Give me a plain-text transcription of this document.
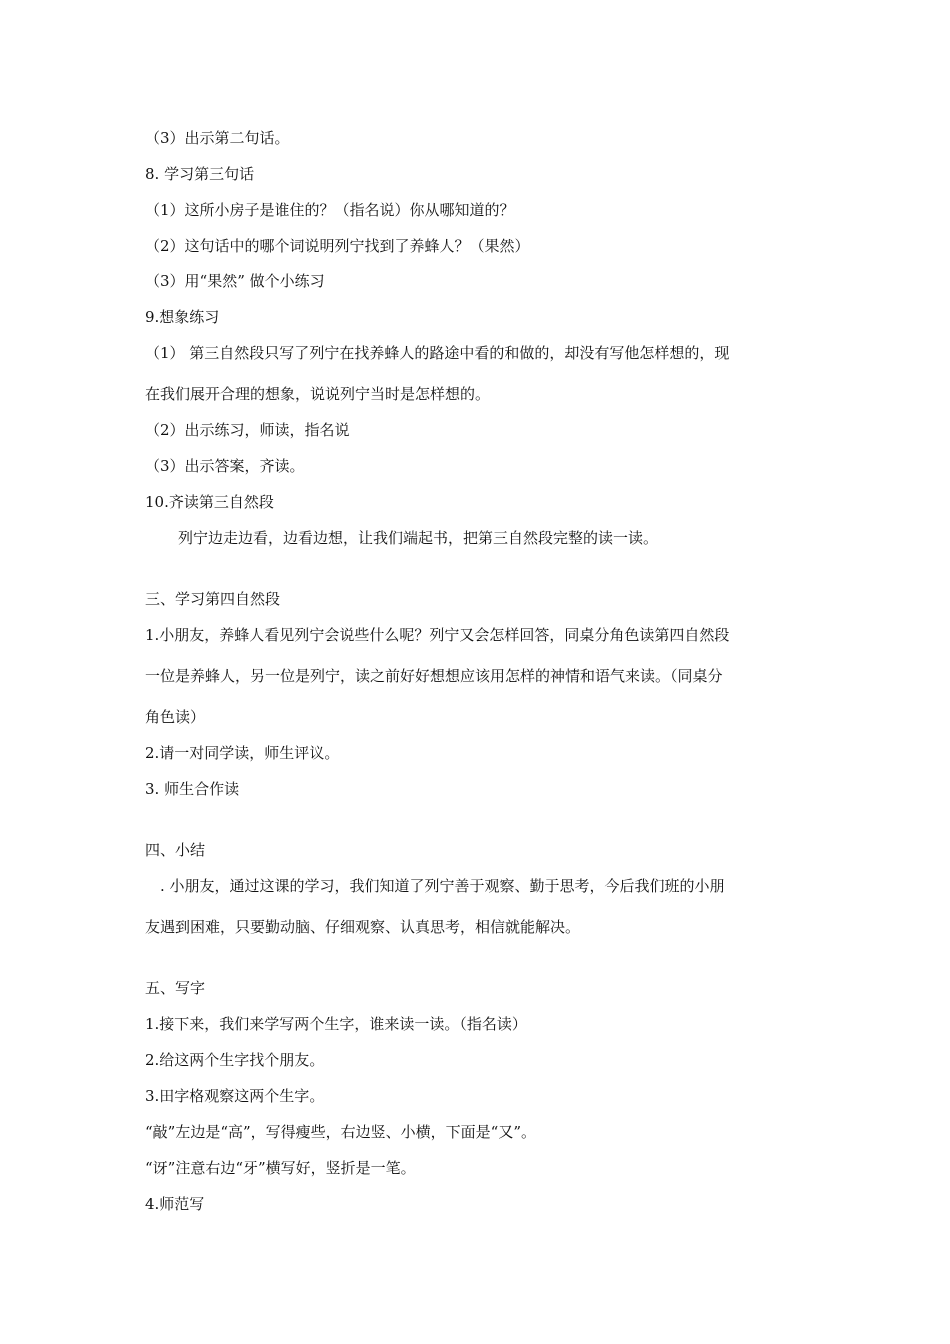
（3）出示第二句话。
8. 学习第三句话
（1）这所小房子是谁住的？（指名说）你从哪知道的？
（2）这句话中的哪个词说明列宁找到了养蜂人？（果然）
（3）用“果然” 做个小练习
9.想象练习
（1） 第三自然段只写了列宁在找养蜂人的路途中看的和做的，却没有写他怎样想的，现
在我们展开合理的想象，说说列宁当时是怎样想的。
（2）出示练习，师读，指名说
（3）出示答案，齐读。
10.齐读第三自然段
列宁边走边看，边看边想，让我们端起书，把第三自然段完整的读一读。
三、学习第四自然段
1.小朋友，养蜂人看见列宁会说些什么呢？列宁又会怎样回答，同桌分角色读第四自然段
一位是养蜂人，另一位是列宁，读之前好好想想应该用怎样的神情和语气来读。（同桌分
角色读）
2.请一对同学读，师生评议。
3. 师生合作读
四、小结
. 小朋友，通过这课的学习，我们知道了列宁善于观察、勤于思考，今后我们班的小朋
友遇到困难，只要勤动脑、仔细观察、认真思考，相信就能解决。
五、写字
1.接下来，我们来学写两个生字，谁来读一读。（指名读）
2.给这两个生字找个朋友。
3.田字格观察这两个生字。
“敲”左边是“高”，写得瘦些，右边竖、小横，下面是“又”。
“讶”注意右边“牙”横写好，竖折是一笔。
4.师范写
